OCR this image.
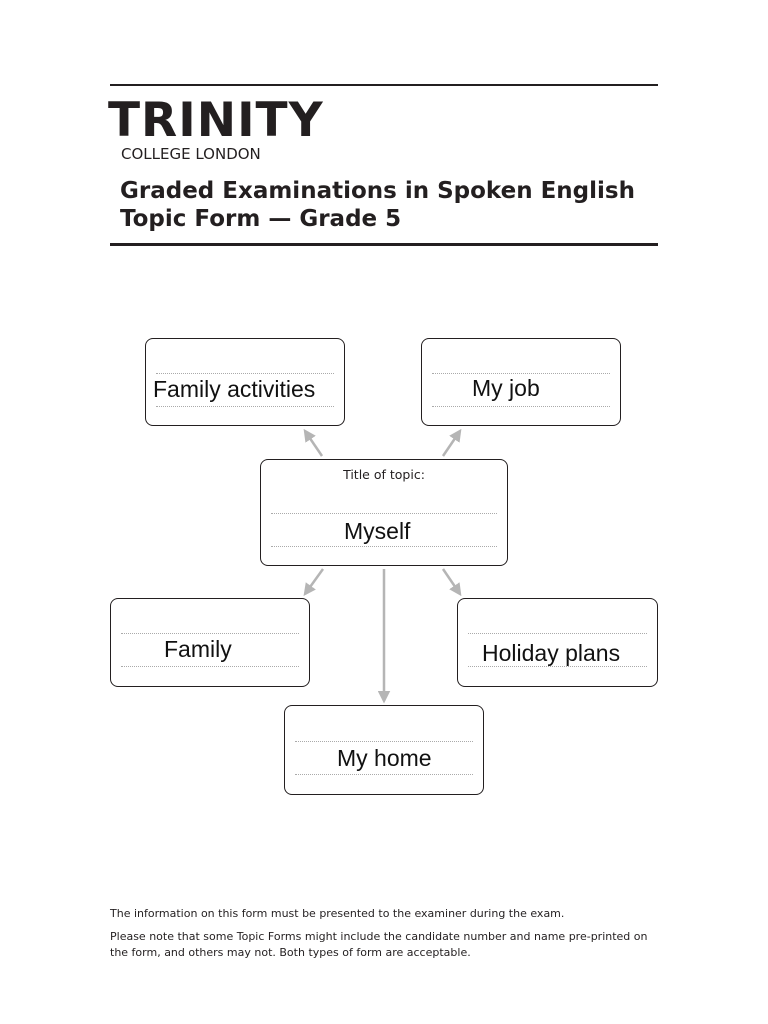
TRINITY
COLLEGE LONDON
Graded Examinations in Spoken English
Topic Form — Grade 5
Family activities	My job
Title of topic:
Myself
Family	Holiday plans
My home
The information on this form must be presented to the examiner during the exam.
Please note that some Topic Forms might include the candidate number and name pre-printed on
the form, and others may not. Both types of form are acceptable.
